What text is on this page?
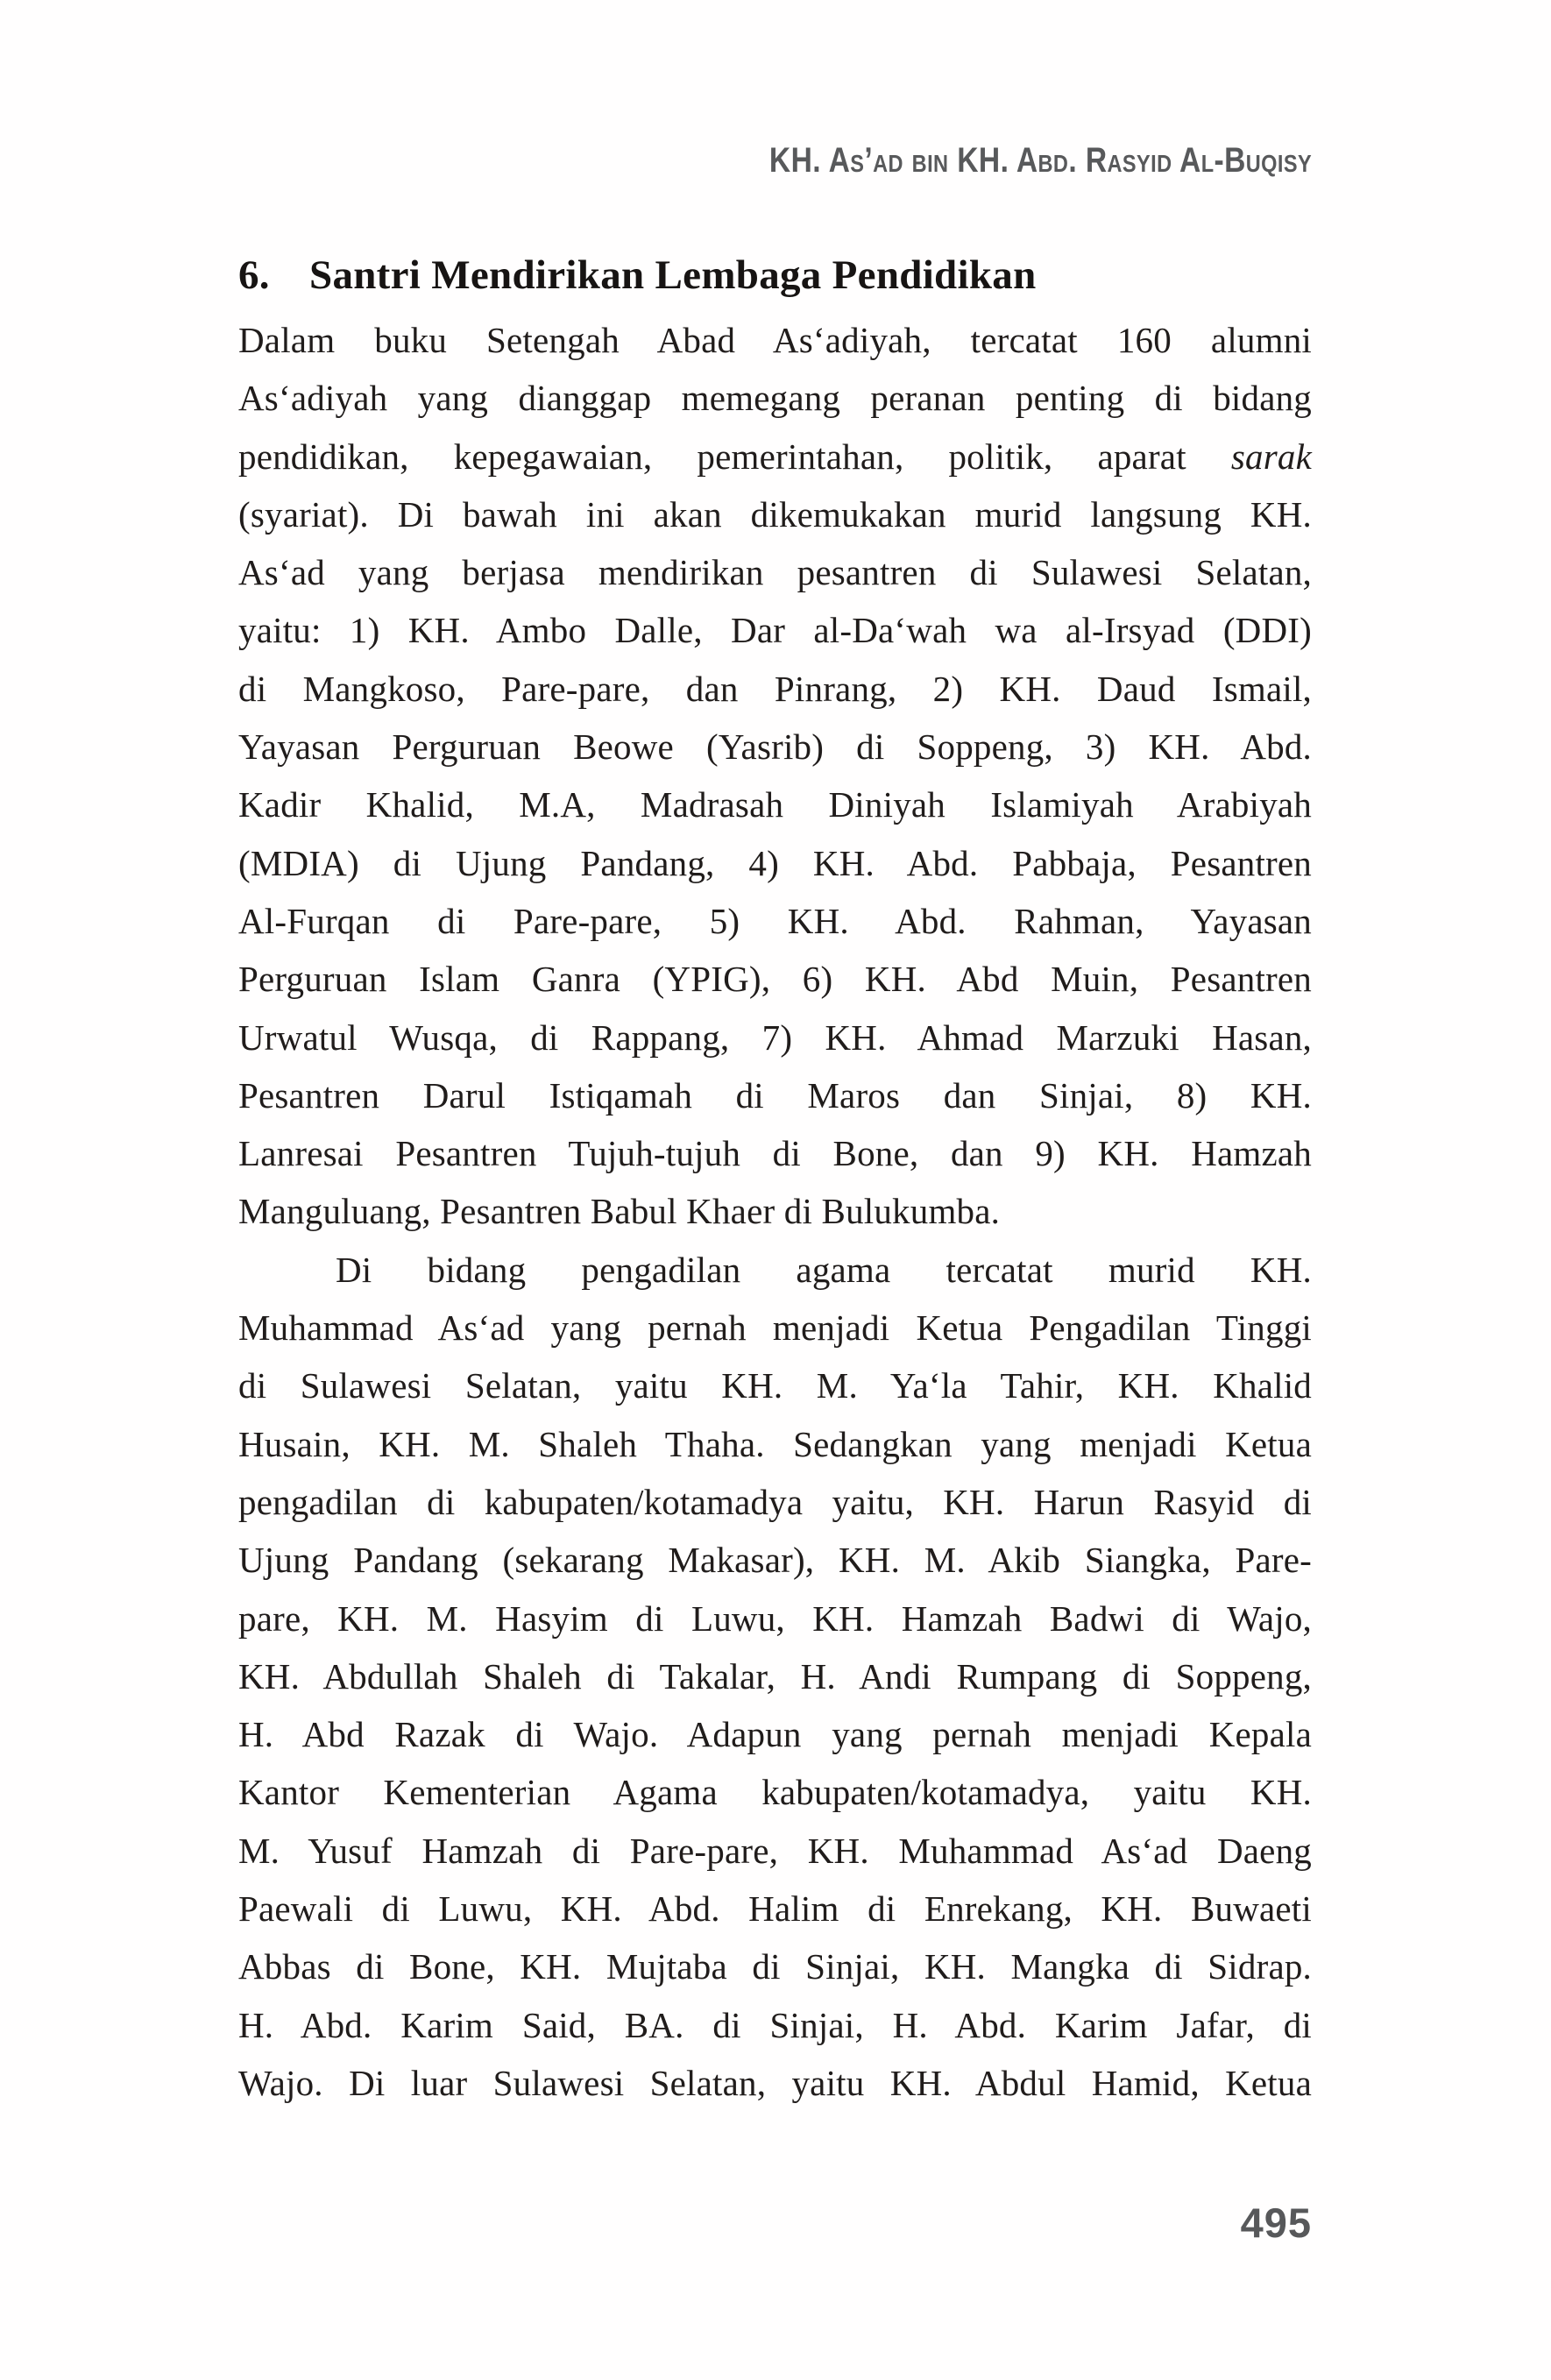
KH. As’ad bin KH. Abd. Rasyid Al-Buqisy
6. Santri Mendirikan Lembaga Pendidikan
Dalam buku Setengah Abad As‘adiyah, tercatat 160 alumni
As‘adiyah yang dianggap memegang peranan penting di bidang
pendidikan, kepegawaian, pemerintahan, politik, aparat sarak
(syariat). Di bawah ini akan dikemukakan murid langsung KH.
As‘ad yang berjasa mendirikan pesantren di Sulawesi Selatan,
yaitu: 1) KH. Ambo Dalle, Dar al-Da‘wah wa al-Irsyad (DDI)
di Mangkoso, Pare-pare, dan Pinrang, 2) KH. Daud Ismail,
Yayasan Perguruan Beowe (Yasrib) di Soppeng, 3) KH. Abd.
Kadir Khalid, M.A, Madrasah Diniyah Islamiyah Arabiyah
(MDIA) di Ujung Pandang, 4) KH. Abd. Pabbaja, Pesantren
Al-Furqan di Pare-pare, 5) KH. Abd. Rahman, Yayasan
Perguruan Islam Ganra (YPIG), 6) KH. Abd Muin, Pesantren
Urwatul Wusqa, di Rappang, 7) KH. Ahmad Marzuki Hasan,
Pesantren Darul Istiqamah di Maros dan Sinjai, 8) KH.
Lanresai Pesantren Tujuh-tujuh di Bone, dan 9) KH. Hamzah
Manguluang, Pesantren Babul Khaer di Bulukumba.
Di bidang pengadilan agama tercatat murid KH.
Muhammad As‘ad yang pernah menjadi Ketua Pengadilan Tinggi
di Sulawesi Selatan, yaitu KH. M. Ya‘la Tahir, KH. Khalid
Husain, KH. M. Shaleh Thaha. Sedangkan yang menjadi Ketua
pengadilan di kabupaten/kotamadya yaitu, KH. Harun Rasyid di
Ujung Pandang (sekarang Makasar), KH. M. Akib Siangka, Pare-
pare, KH. M. Hasyim di Luwu, KH. Hamzah Badwi di Wajo,
KH. Abdullah Shaleh di Takalar, H. Andi Rumpang di Soppeng,
H. Abd Razak di Wajo. Adapun yang pernah menjadi Kepala
Kantor Kementerian Agama kabupaten/kotamadya, yaitu KH.
M. Yusuf Hamzah di Pare-pare, KH. Muhammad As‘ad Daeng
Paewali di Luwu, KH. Abd. Halim di Enrekang, KH. Buwaeti
Abbas di Bone, KH. Mujtaba di Sinjai, KH. Mangka di Sidrap.
H. Abd. Karim Said, BA. di Sinjai, H. Abd. Karim Jafar, di
Wajo. Di luar Sulawesi Selatan, yaitu KH. Abdul Hamid, Ketua
495
